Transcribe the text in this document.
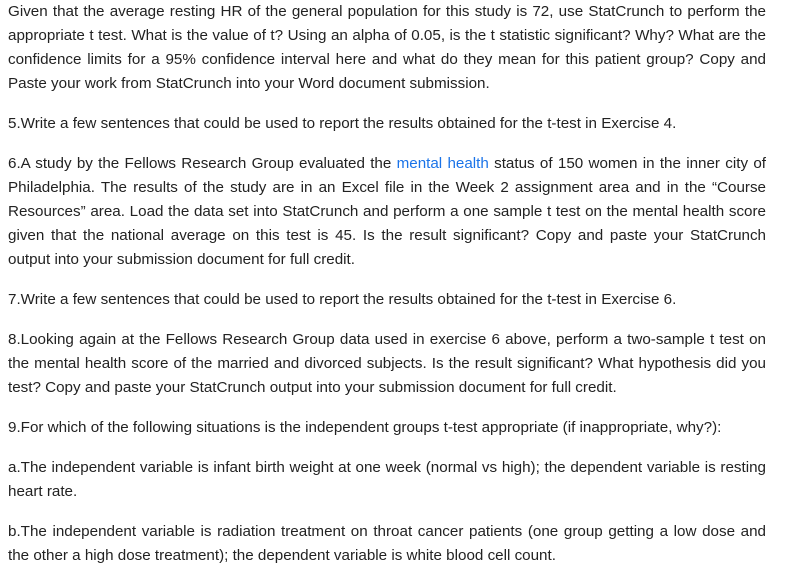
Given that the average resting HR of the general population for this study is 72, use StatCrunch to perform the appropriate t test. What is the value of t? Using an alpha of 0.05, is the t statistic significant? Why? What are the confidence limits for a 95% confidence interval here and what do they mean for this patient group? Copy and Paste your work from StatCrunch into your Word document submission.

5.Write a few sentences that could be used to report the results obtained for the t-test in Exercise 4.

6.A study by the Fellows Research Group evaluated the mental health status of 150 women in the inner city of Philadelphia. The results of the study are in an Excel file in the Week 2 assignment area and in the “Course Resources” area. Load the data set into StatCrunch and perform a one sample t test on the mental health score given that the national average on this test is 45. Is the result significant? Copy and paste your StatCrunch output into your submission document for full credit.

7.Write a few sentences that could be used to report the results obtained for the t-test in Exercise 6.

8.Looking again at the Fellows Research Group data used in exercise 6 above, perform a two-sample t test on the mental health score of the married and divorced subjects. Is the result significant? What hypothesis did you test? Copy and paste your StatCrunch output into your submission document for full credit.

9.For which of the following situations is the independent groups t-test appropriate (if inappropriate, why?):

a.The independent variable is infant birth weight at one week (normal vs high); the dependent variable is resting heart rate.

b.The independent variable is radiation treatment on throat cancer patients (one group getting a low dose and the other a high dose treatment); the dependent variable is white blood cell count.
